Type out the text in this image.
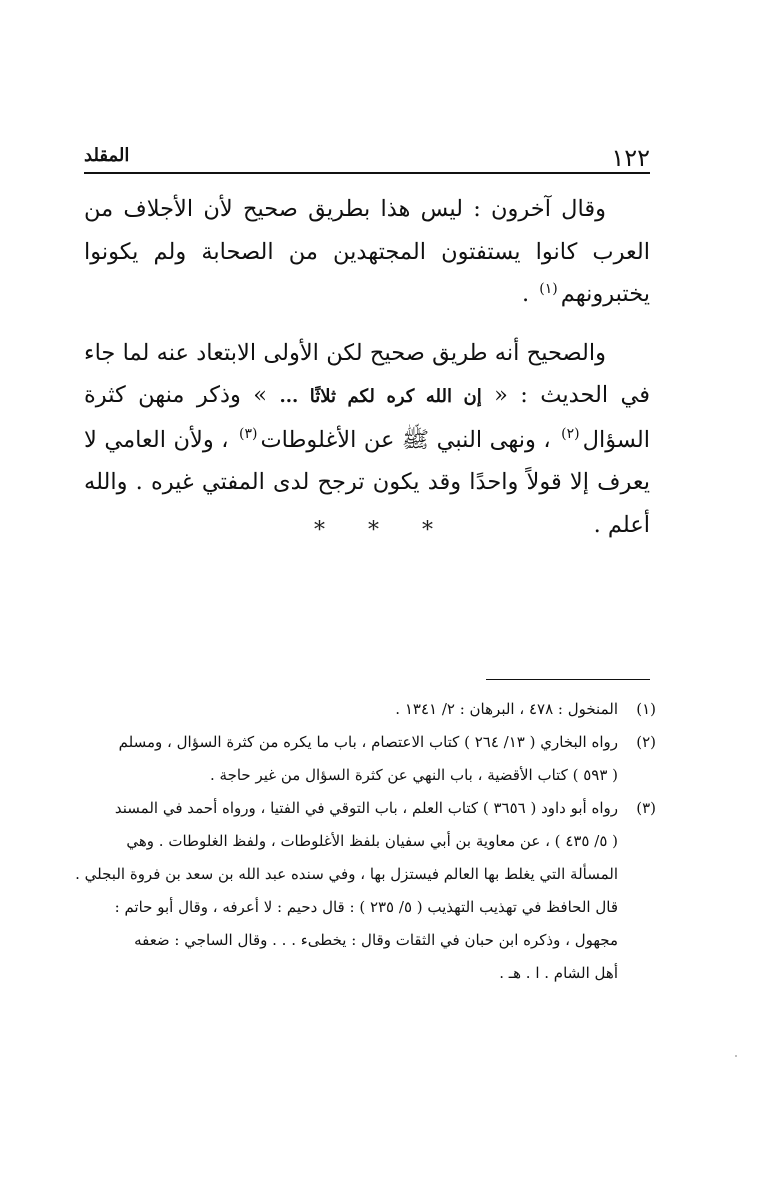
١٢٢
المقلد

وقال آخرون : ليس هذا بطريق صحيح لأن الأجلاف من العرب كانوا يستفتون المجتهدين من الصحابة ولم يكونوا يختبرونهم$^{(١)}$ .

والصحيح أنه طريق صحيح لكن الأولى الابتعاد عنه لما جاء في الحديث : « إن الله كره لكم ثلاثًا ... » وذكر منهن كثرة السؤال$^{(٢)}$ ، ونهى النبي ﷺ عن الأغلوطات$^{(٣)}$ ، ولأن العامي لا يعرف إلا قولاً واحدًا وقد يكون ترجح لدى المفتي غيره . والله أعلم .

* * *
(١)
المنخول : ٤٧٨ ، البرهان : ٢/ ١٣٤١ .
(٢)
رواه البخاري ( ١٣/ ٢٦٤ ) كتاب الاعتصام ، باب ما يكره من كثرة السؤال ، ومسلم
( ٥٩٣ ) كتاب الأقضية ، باب النهي عن كثرة السؤال من غير حاجة .
(٣)
رواه أبو داود ( ٣٦٥٦ ) كتاب العلم ، باب التوقي في الفتيا ، ورواه أحمد في المسند
( ٥/ ٤٣٥ ) ، عن معاوية بن أبي سفيان بلفظ الأغلوطات ، ولفظ الغلوطات . وهي
المسألة التي يغلط بها العالم فيستزل بها ، وفي سنده عبد الله بن سعد بن فروة البجلي .
قال الحافظ في تهذيب التهذيب ( ٥/ ٢٣٥ ) : قال دحيم : لا أعرفه ، وقال أبو حاتم :
مجهول ، وذكره ابن حبان في الثقات وقال : يخطىء . . . وقال الساجي : ضعفه
أهل الشام . ا . هـ .
